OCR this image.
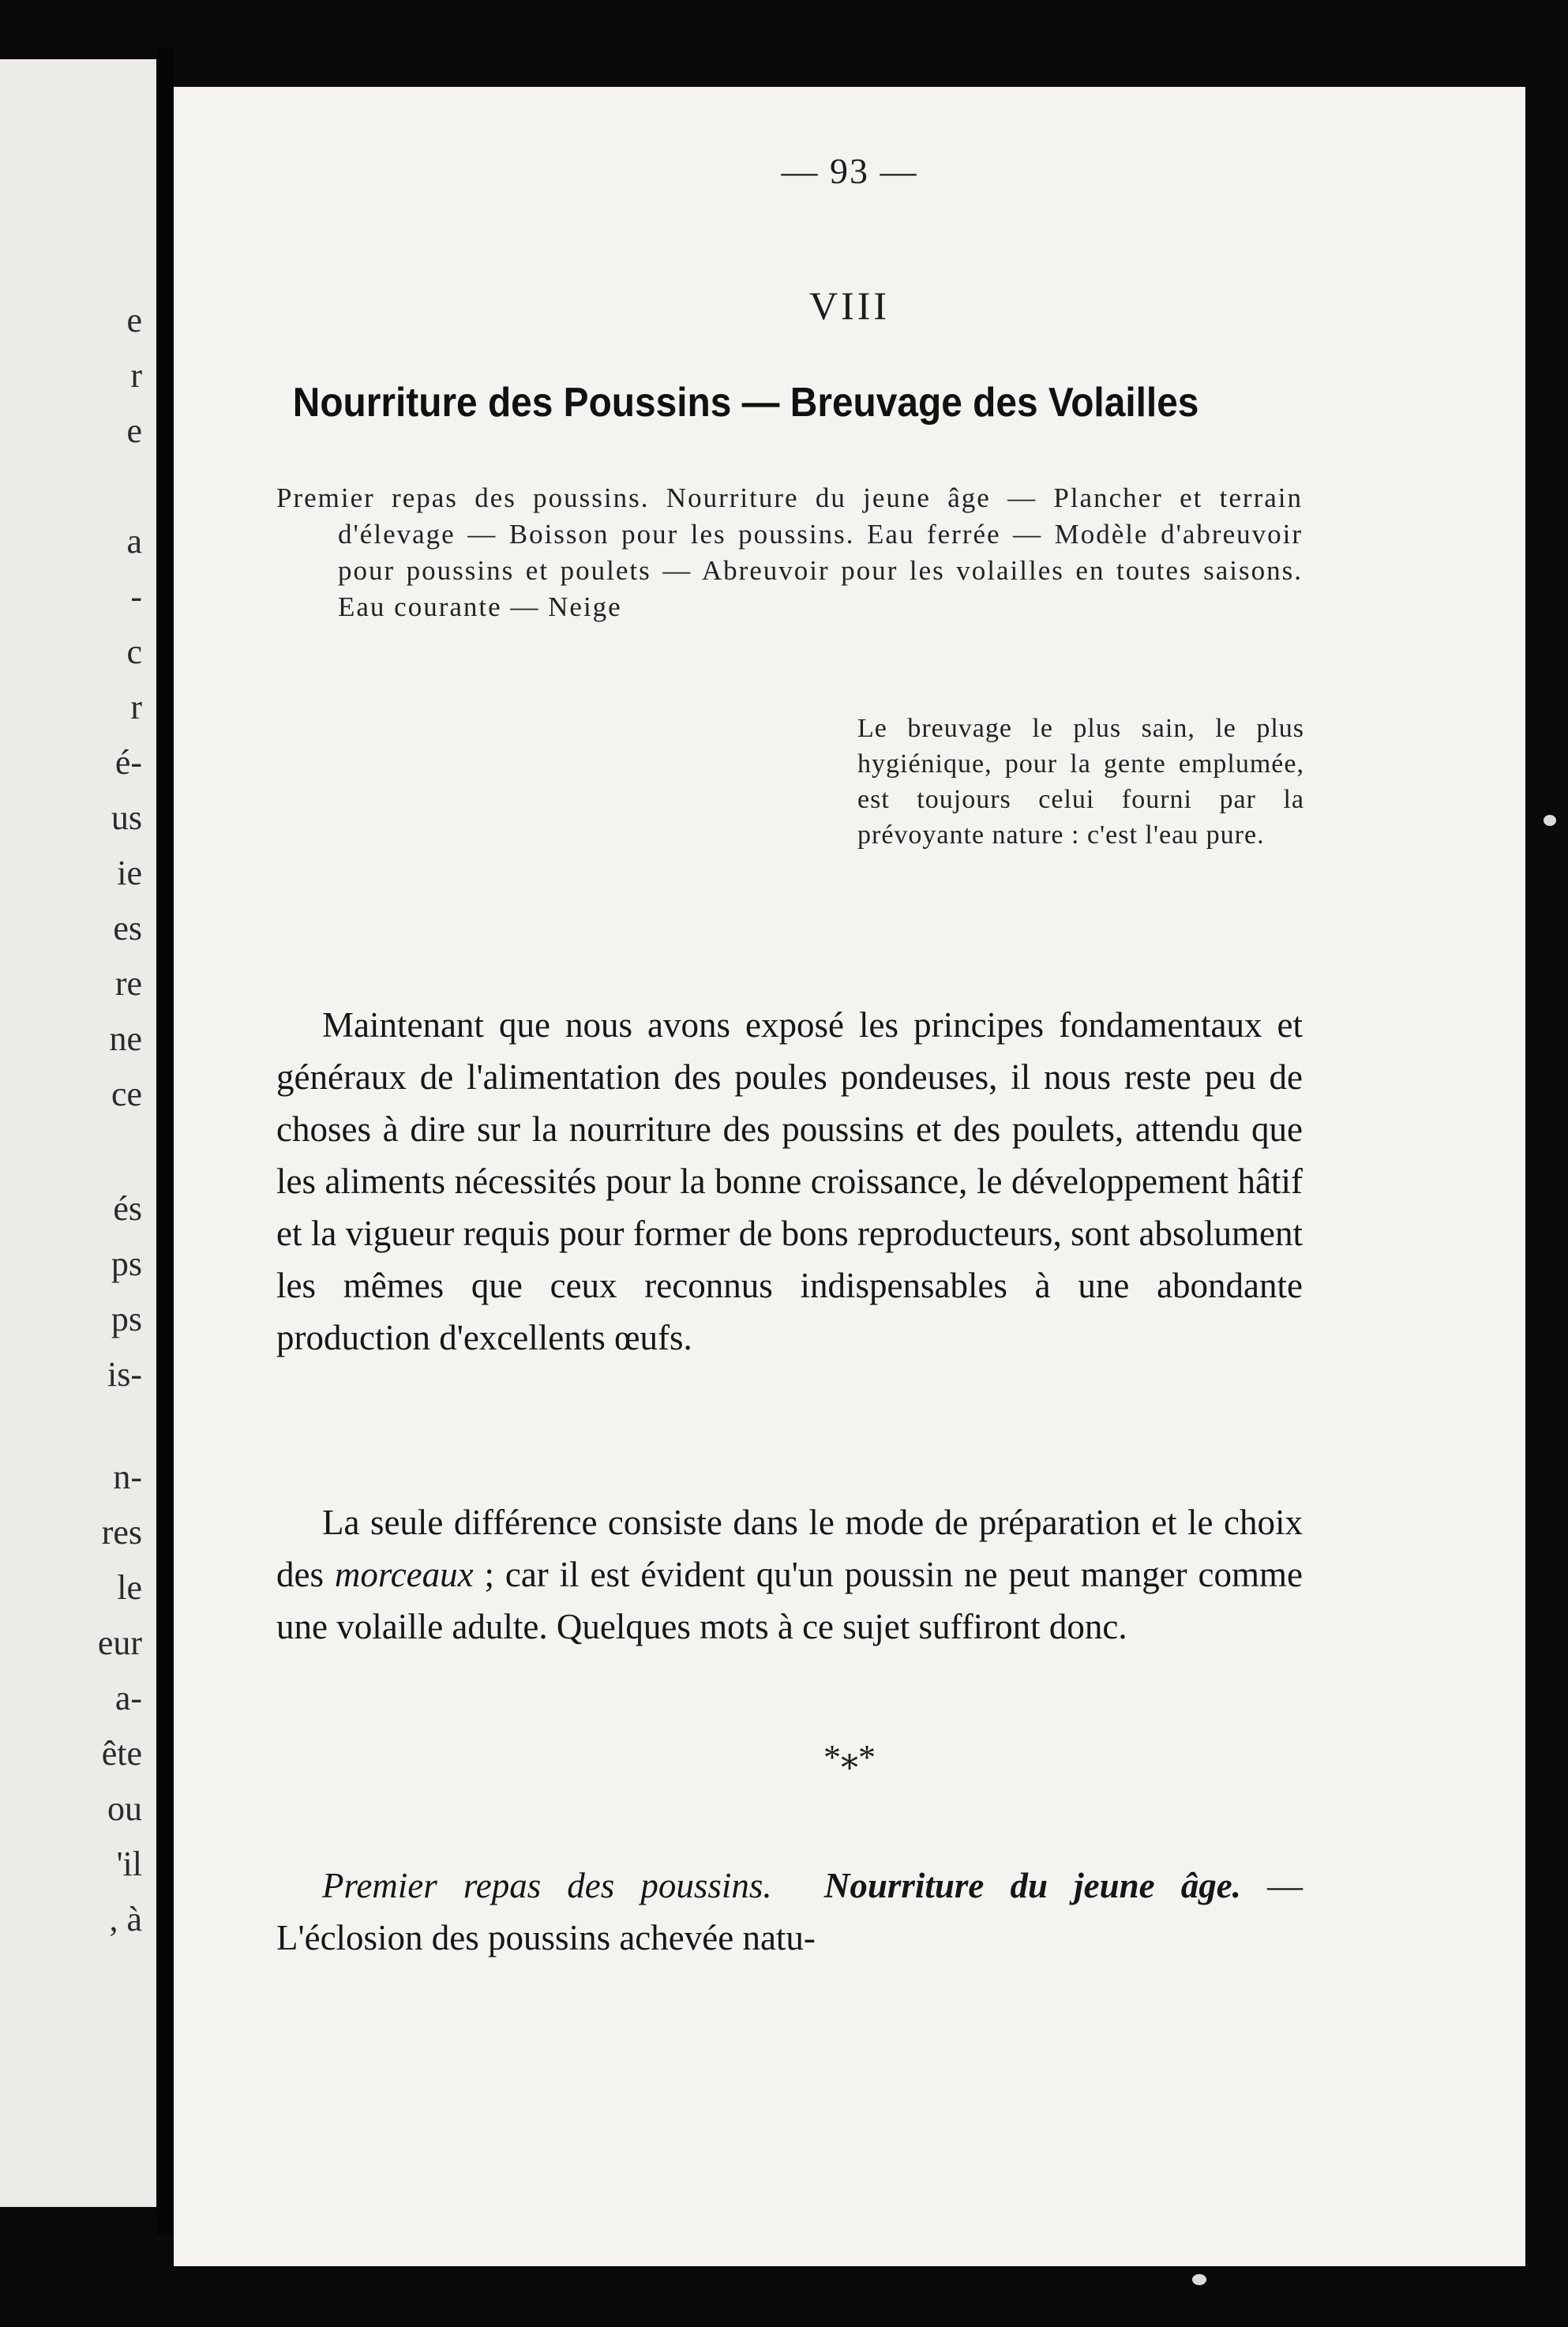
e
r
e
a
-
c
r
é-
us
ie
es
re
ne
ce
és
ps
ps
is-
n-
res
le
eur
a-
ête
ou
'il
, à
— 93 —
VIII
Nourriture des Poussins — Breuvage des Volailles
Premier repas des poussins. Nourriture du jeune âge — Plancher et terrain d'élevage — Boisson pour les poussins. Eau ferrée — Modèle d'abreuvoir pour poussins et poulets — Abreuvoir pour les volailles en toutes saisons. Eau courante — Neige
Le breuvage le plus sain, le plus hygiénique, pour la gente emplumée, est toujours celui fourni par la prévoyante nature : c'est l'eau pure.

Maintenant que nous avons exposé les principes fondamentaux et généraux de l'alimentation des poules pondeuses, il nous reste peu de choses à dire sur la nourriture des poussins et des poulets, attendu que les aliments nécessités pour la bonne croissance, le développement hâtif et la vigueur requis pour former de bons reproducteurs, sont absolument les mêmes que ceux reconnus indispensables à une abondante production d'excellents œufs.

La seule différence consiste dans le mode de préparation et le choix des morceaux ; car il est évident qu'un poussin ne peut manger comme une volaille adulte. Quelques mots à ce sujet suffiront donc.

*⁎*

Premier repas des poussins. Nourriture du jeune âge. — L'éclosion des poussins achevée natu-
